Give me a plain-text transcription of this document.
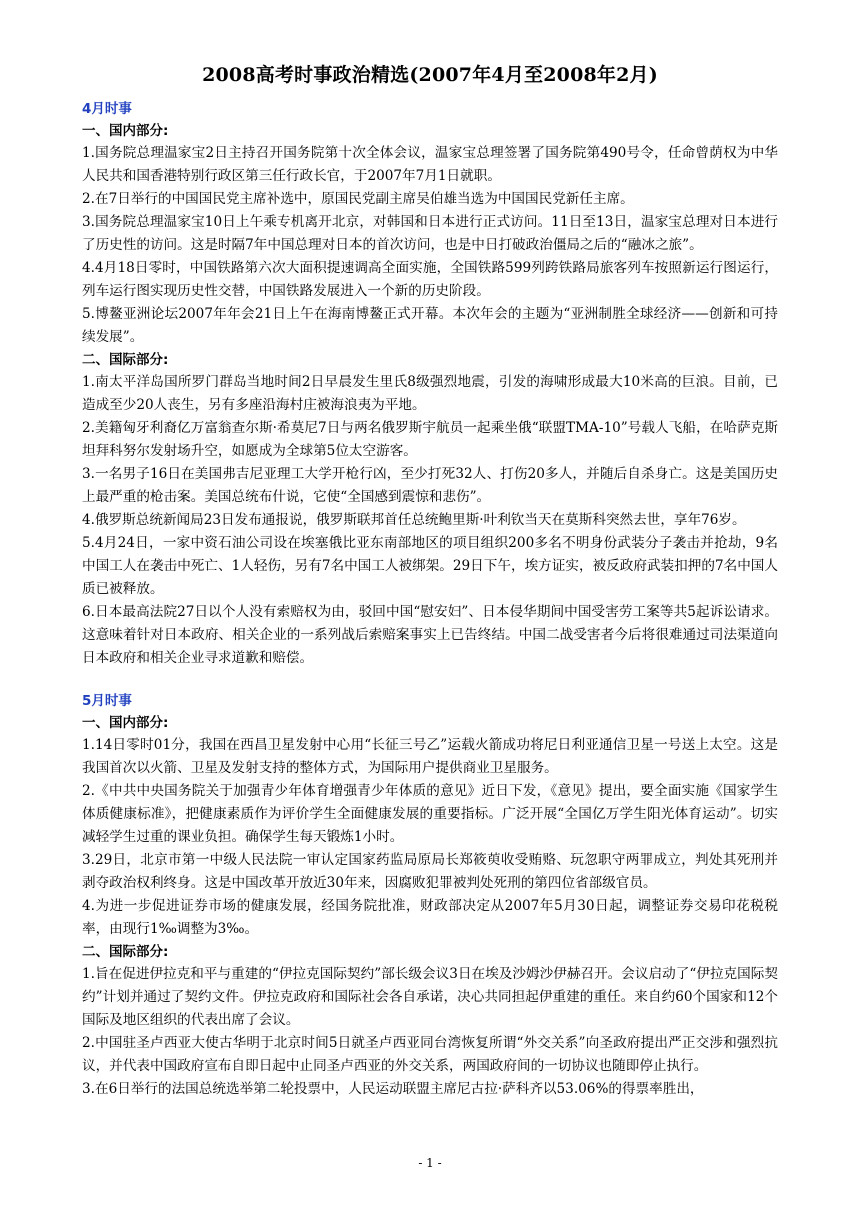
2008高考时事政治精选(2007年4月至2008年2月)

4月时事

一、国内部分:

1.国务院总理温家宝2日主持召开国务院第十次全体会议，温家宝总理签署了国务院第490号令，任命曾荫权为中华人民共和国香港特别行政区第三任行政长官，于2007年7月1日就职。

2.在7日举行的中国国民党主席补选中，原国民党副主席吴伯雄当选为中国国民党新任主席。

3.国务院总理温家宝10日上午乘专机离开北京，对韩国和日本进行正式访问。11日至13日，温家宝总理对日本进行了历史性的访问。这是时隔7年中国总理对日本的首次访问，也是中日打破政治僵局之后的“融冰之旅”。

4.4月18日零时，中国铁路第六次大面积提速调高全面实施，全国铁路599列跨铁路局旅客列车按照新运行图运行，列车运行图实现历史性交替，中国铁路发展进入一个新的历史阶段。

5.博鳌亚洲论坛2007年年会21日上午在海南博鳌正式开幕。本次年会的主题为“亚洲制胜全球经济——创新和可持续发展”。

二、国际部分:

1.南太平洋岛国所罗门群岛当地时间2日早晨发生里氏8级强烈地震，引发的海啸形成最大10米高的巨浪。目前，已造成至少20人丧生，另有多座沿海村庄被海浪夷为平地。

2.美籍匈牙利裔亿万富翁查尔斯·希莫尼7日与两名俄罗斯宇航员一起乘坐俄“联盟TMA-10”号载人飞船，在哈萨克斯坦拜科努尔发射场升空，如愿成为全球第5位太空游客。

3.一名男子16日在美国弗吉尼亚理工大学开枪行凶，至少打死32人、打伤20多人，并随后自杀身亡。这是美国历史上最严重的枪击案。美国总统布什说，它使“全国感到震惊和悲伤”。

4.俄罗斯总统新闻局23日发布通报说，俄罗斯联邦首任总统鲍里斯·叶利钦当天在莫斯科突然去世，享年76岁。

5.4月24日，一家中资石油公司设在埃塞俄比亚东南部地区的项目组织200多名不明身份武装分子袭击并抢劫，9名中国工人在袭击中死亡、1人轻伤，另有7名中国工人被绑架。29日下午，埃方证实，被反政府武装扣押的7名中国人质已被释放。

6.日本最高法院27日以个人没有索赔权为由，驳回中国“慰安妇”、日本侵华期间中国受害劳工案等共5起诉讼请求。这意味着针对日本政府、相关企业的一系列战后索赔案事实上已告终结。中国二战受害者今后将很难通过司法渠道向日本政府和相关企业寻求道歉和赔偿。

5月时事

一、国内部分:

1.14日零时01分，我国在西昌卫星发射中心用“长征三号乙”运载火箭成功将尼日利亚通信卫星一号送上太空。这是我国首次以火箭、卫星及发射支持的整体方式，为国际用户提供商业卫星服务。

2.《中共中央国务院关于加强青少年体育增强青少年体质的意见》近日下发，《意见》提出，要全面实施《国家学生体质健康标准》，把健康素质作为评价学生全面健康发展的重要指标。广泛开展“全国亿万学生阳光体育运动”。切实减轻学生过重的课业负担。确保学生每天锻炼1小时。

3.29日，北京市第一中级人民法院一审认定国家药监局原局长郑筱萸收受贿赂、玩忽职守两罪成立，判处其死刑并剥夺政治权利终身。这是中国改革开放近30年来，因腐败犯罪被判处死刑的第四位省部级官员。

4.为进一步促进证券市场的健康发展，经国务院批准，财政部决定从2007年5月30日起，调整证券交易印花税税率，由现行1‰调整为3‰。

二、国际部分:

1.旨在促进伊拉克和平与重建的“伊拉克国际契约”部长级会议3日在埃及沙姆沙伊赫召开。会议启动了“伊拉克国际契约”计划并通过了契约文件。伊拉克政府和国际社会各自承诺，决心共同担起伊重建的重任。来自约60个国家和12个国际及地区组织的代表出席了会议。

2.中国驻圣卢西亚大使古华明于北京时间5日就圣卢西亚同台湾恢复所谓“外交关系”向圣政府提出严正交涉和强烈抗议，并代表中国政府宣布自即日起中止同圣卢西亚的外交关系，两国政府间的一切协议也随即停止执行。

3.在6日举行的法国总统选举第二轮投票中，人民运动联盟主席尼古拉·萨科齐以53.06%的得票率胜出，

- 1 -
